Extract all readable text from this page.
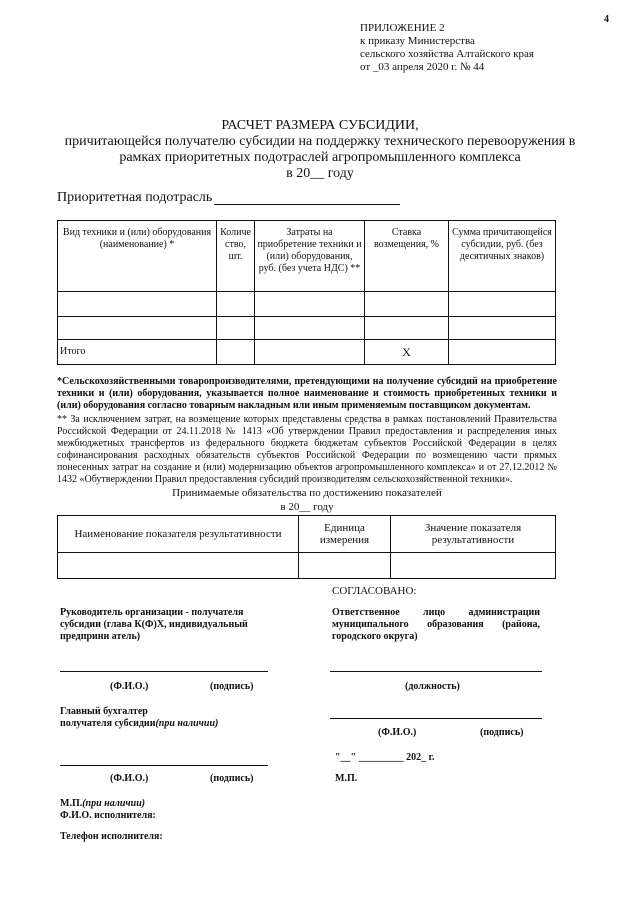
4
ПРИЛОЖЕНИЕ 2
к приказу Министерства
сельского хозяйства Алтайского края
от _03 апреля 2020 г. № 44
РАСЧЕТ РАЗМЕРА СУБСИДИИ,
причитающейся получателю субсидии на поддержку технического перевооружения в
рамках приоритетных подотраслей агропромышленного комплекса
в 20__ году
Приоритетная подотрасль
Вид техники и (или) оборудования (наименование) *	Количе ство, шт.	Затраты на приобретение техники и (или) оборудования, руб. (без учета НДС) **	Ставка возмещения, %	Сумма причитающейся субсидии, руб. (без десятичных знаков)

Итого			X	
*Сельскохозяйственными товаропроизводителями, претендующими на получение субсидий на приобретение техники и (или) оборудования, указывается полное наименование и стоимость приобретенных техники и (или) оборудования согласно товарным накладным или иным применяемым поставщиком документам.
** За исключением затрат, на возмещение которых представлены средства в рамках постановлений Правительства Российской Федерации от 24.11.2018 № 1413 «Об утверждении Правил предоставления и распределения иных межбюджетных трансфертов из федерального бюджета бюджетам субъектов Российской Федерации в целях софинансирования расходных обязательств субъектов Российской Федерации по возмещению части прямых понесенных затрат на создание и (или) модернизацию объектов агропромышленного комплекса» и от 27.12.2012 № 1432 «Обутверждении Правил предоставления субсидий производителям сельскохозяйственной техники».
Принимаемые обязательства по достижению показателей
в 20__ году
Наименование показателя результативности	Единица измерения	Значение показателя результативности

СОГЛАСОВАНО:
Руководитель организации - получателя субсидии (глава К(Ф)Х, индивидуальный предприни атель)
(Ф.И.О.)	(подпись)
Главный бухгалтер
получателя субсидии(при наличии)
(Ф.И.О.)	(подпись)
М.П.(при наличии)
Ф.И.О. исполнителя:
Телефон исполнителя:
Ответственное лицо администрации муниципального образования (района, городского округа)
(должность)
(Ф.И.О.)	(подпись)
"__" _________ 202_ г.
М.П.
